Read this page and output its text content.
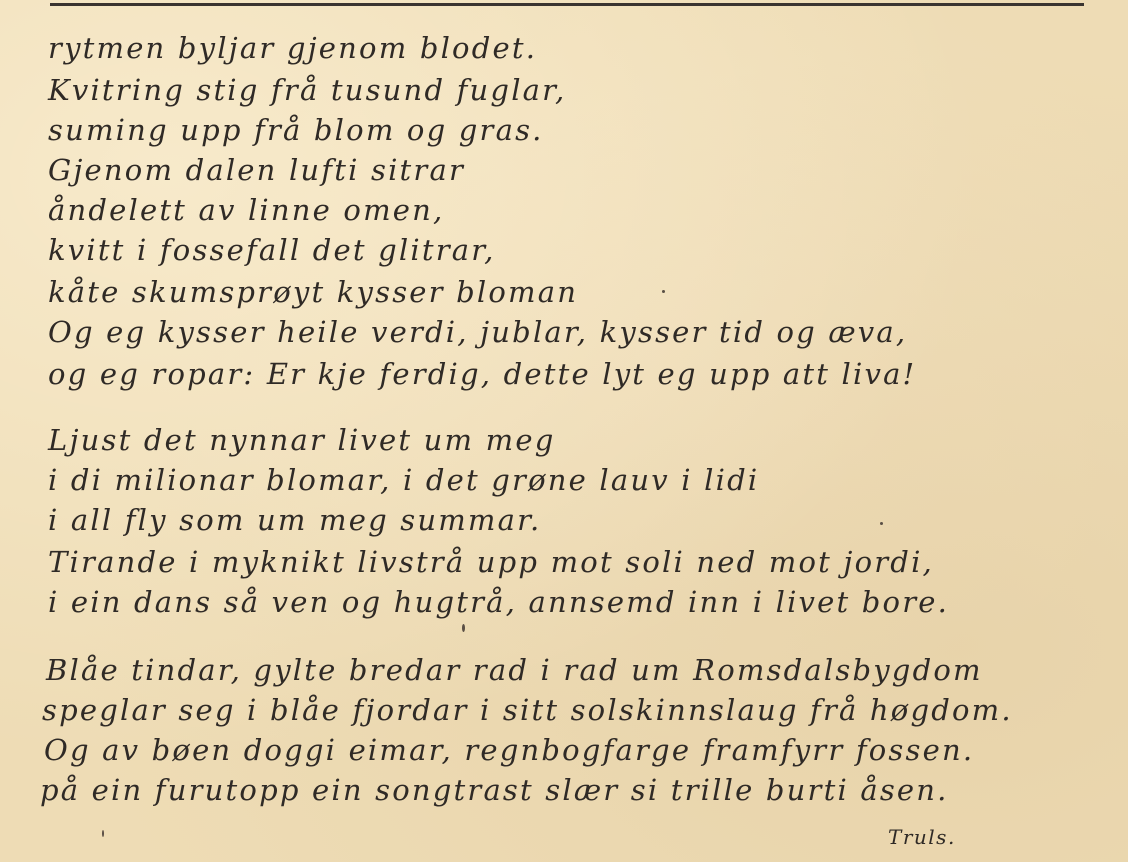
rytmen byljar gjenom blodet.
Kvitring stig frå tusund fuglar,
suming upp frå blom og gras.
Gjenom dalen lufti sitrar
åndelett av linne omen,
kvitt i fossefall det glitrar,
kåte skumsprøyt kysser bloman
Og eg kysser heile verdi, jublar, kysser tid og æva,
og eg ropar: Er kje ferdig, dette lyt eg upp att liva!
Ljust det nynnar livet um meg
i di milionar blomar, i det grøne lauv i lidi
i all fly som um meg summar.
Tirande i myknikt livstrå upp mot soli ned mot jordi,
i ein dans så ven og hugtrå, annsemd inn i livet bore.
Blåe tindar, gylte bredar rad i rad um Romsdalsbygdom
speglar seg i blåe fjordar i sitt solskinnslaug frå høgdom.
Og av bøen doggi eimar, regnbogfarge framfyrr fossen.
på ein furutopp ein songtrast slær si trille burti åsen.
Truls.
